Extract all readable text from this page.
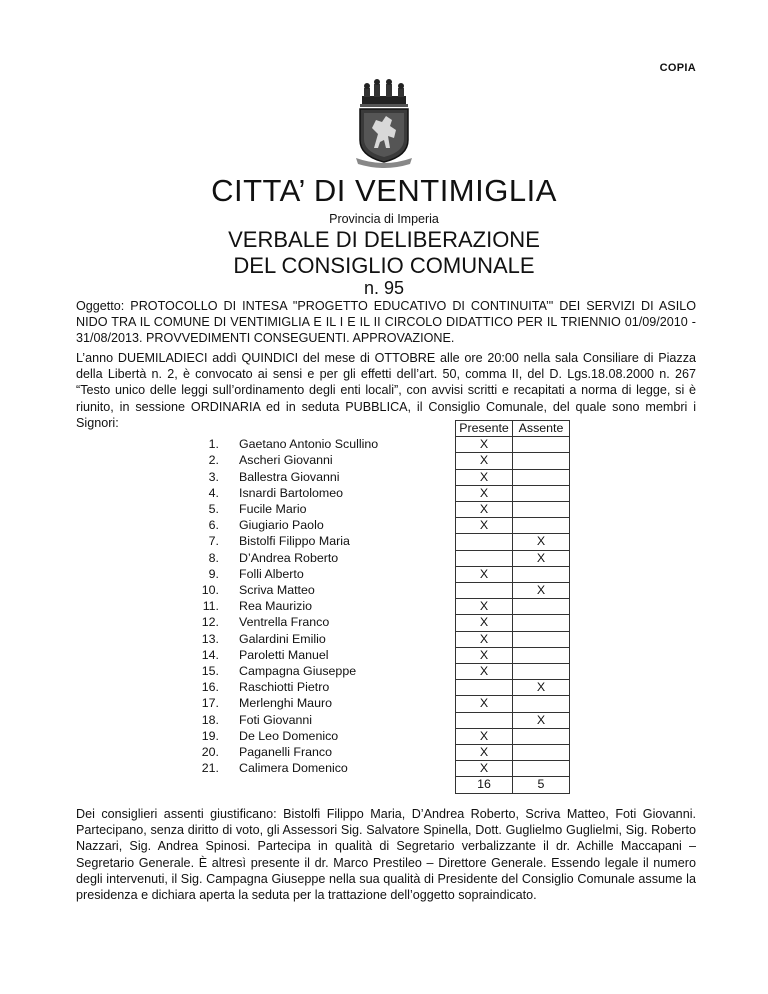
COPIA
CITTA’ DI VENTIMIGLIA
Provincia di Imperia
VERBALE DI DELIBERAZIONE
DEL CONSIGLIO COMUNALE
n. 95
Oggetto: PROTOCOLLO DI INTESA "PROGETTO EDUCATIVO DI CONTINUITA’" DEI SERVIZI DI ASILO NIDO TRA IL COMUNE DI VENTIMIGLIA E IL I E IL II CIRCOLO DIDATTICO PER IL TRIENNIO 01/09/2010 - 31/08/2013. PROVVEDIMENTI CONSEGUENTI. APPROVAZIONE.
L’anno DUEMILADIECI addì QUINDICI del mese di OTTOBRE alle ore 20:00 nella sala Consiliare di Piazza della Libertà n. 2, è convocato ai sensi e per gli effetti dell’art. 50, comma II, del D. Lgs.18.08.2000 n. 267 “Testo unico delle leggi sull’ordinamento degli enti locali”, con avvisi scritti e recapitati a norma di legge, si è riunito, in sessione ORDINARIA ed in seduta PUBBLICA, il Consiglio Comunale, del quale sono membri i Signori:
			Presente	Assente
1.	Gaetano Antonio Scullino	X	
2.	Ascheri Giovanni	X	
3.	Ballestra Giovanni	X	
4.	Isnardi Bartolomeo	X	
5.	Fucile Mario	X	
6.	Giugiario Paolo	X	
7.	Bistolfi Filippo Maria		X
8.	D’Andrea Roberto		X
9.	Folli Alberto	X	
10.	Scriva Matteo		X
11.	Rea Maurizio	X	
12.	Ventrella Franco	X	
13.	Galardini Emilio	X	
14.	Paroletti Manuel	X	
15.	Campagna Giuseppe	X	
16.	Raschiotti Pietro		X
17.	Merlenghi Mauro	X	
18.	Foti Giovanni		X
19.	De Leo Domenico	X	
20.	Paganelli Franco	X	
21.	Calimera Domenico	X	
		16	5
Dei consiglieri assenti giustificano: Bistolfi Filippo Maria, D’Andrea Roberto, Scriva Matteo, Foti Giovanni. Partecipano, senza diritto di voto, gli Assessori Sig. Salvatore Spinella, Dott. Guglielmo Guglielmi, Sig. Roberto Nazzari, Sig. Andrea Spinosi. Partecipa in qualità di Segretario verbalizzante il dr. Achille Maccapani – Segretario Generale. È altresì presente il dr. Marco Prestileo – Direttore Generale. Essendo legale il numero degli intervenuti, il Sig. Campagna Giuseppe nella sua qualità di Presidente del Consiglio Comunale assume la presidenza e dichiara aperta la seduta per la trattazione dell’oggetto sopraindicato.
